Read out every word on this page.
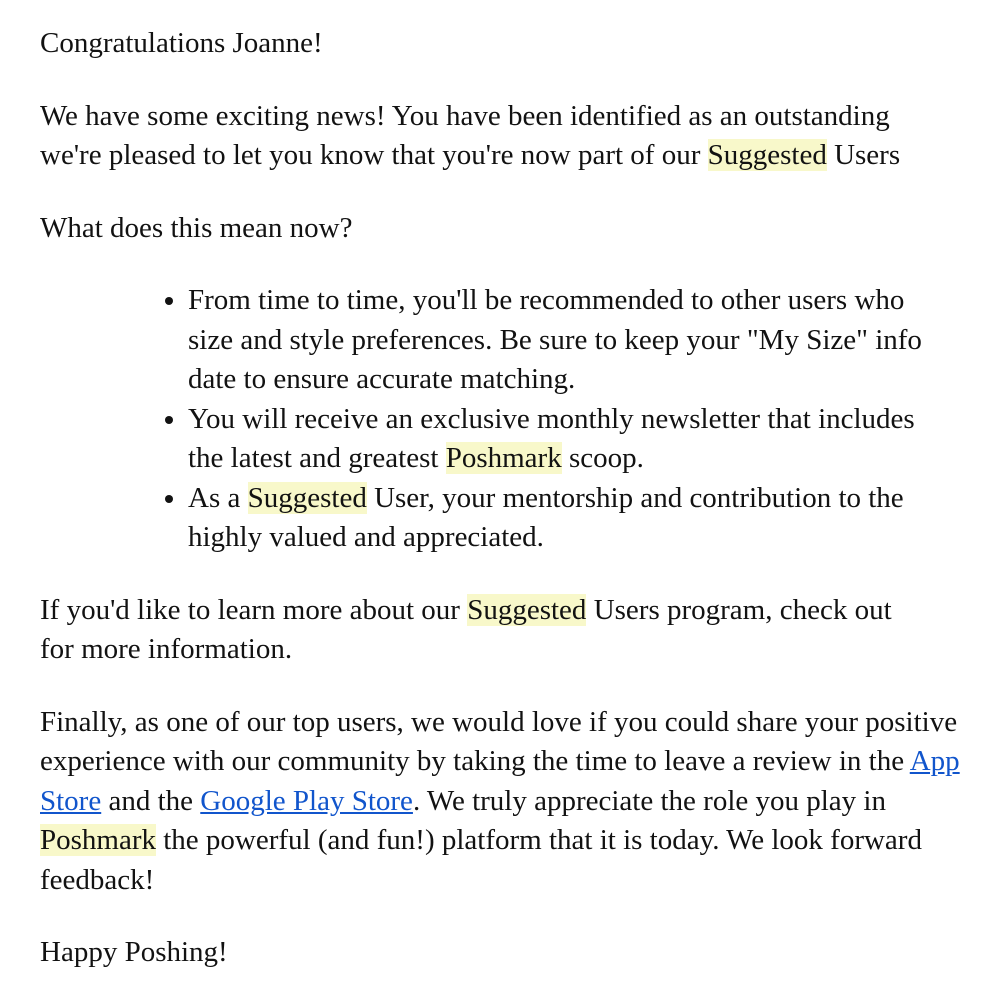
Congratulations Joanne!

We have some exciting news! You have been identified as an outstanding we're pleased to let you know that you're now part of our Suggested Users

What does this mean now?

• From time to time, you'll be recommended to other users who
size and style preferences. Be sure to keep your "My Size" info
date to ensure accurate matching.
• You will receive an exclusive monthly newsletter that includes
the latest and greatest Poshmark scoop.
• As a Suggested User, your mentorship and contribution to the
highly valued and appreciated.

If you'd like to learn more about our Suggested Users program, check out for more information.

Finally, as one of our top users, we would love if you could share your positive experience with our community by taking the time to leave a review in the App Store and the Google Play Store. We truly appreciate the role you play in Poshmark the powerful (and fun!) platform that it is today. We look forward feedback!

Happy Poshing!
